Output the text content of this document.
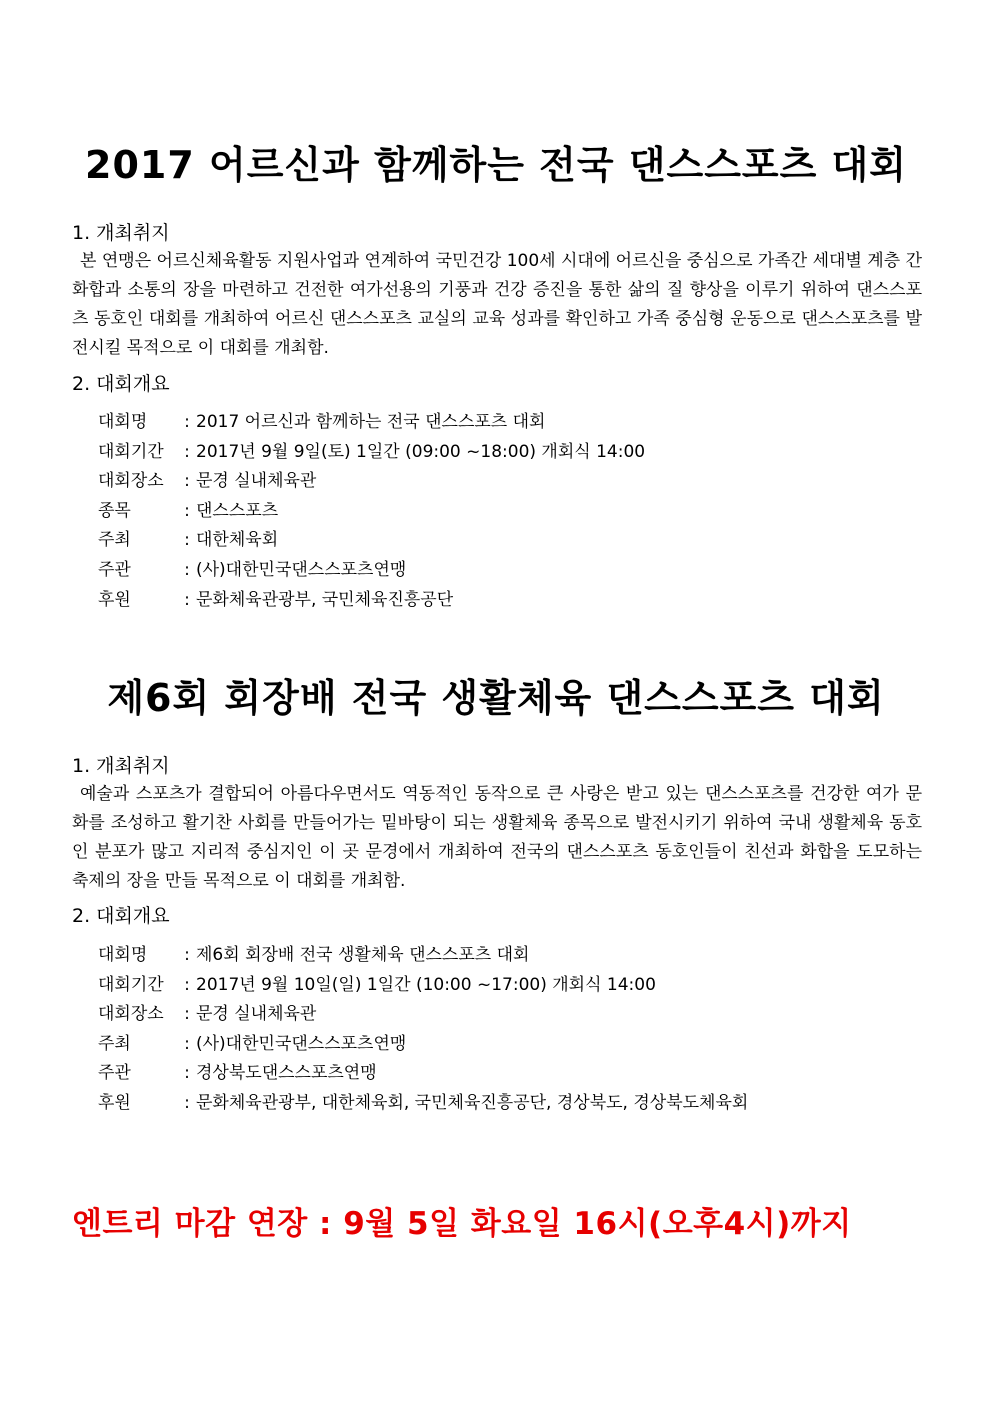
2017 어르신과 함께하는 전국 댄스스포츠 대회
1. 개최취지

본 연맹은 어르신체육활동 지원사업과 연계하여 국민건강 100세 시대에 어르신을 중심으로 가족간 세대별 계층 간 화합과 소통의 장을 마련하고 건전한 여가선용의 기풍과 건강 증진을 통한 삶의 질 향상을 이루기 위하여 댄스스포츠 동호인 대회를 개최하여 어르신 댄스스포츠 교실의 교육 성과를 확인하고 가족 중심형 운동으로 댄스스포츠를 발전시킬 목적으로 이 대회를 개최함.

2. 대회개요
대회명 : 2017 어르신과 함께하는 전국 댄스스포츠 대회
대회기간 : 2017년 9월 9일(토) 1일간 (09:00 ~18:00) 개회식 14:00
대회장소 : 문경 실내체육관
종목	: 댄스스포츠
주최	: 대한체육회
주관	: (사)대한민국댄스스포츠연맹
후원	: 문화체육관광부, 국민체육진흥공단
제6회 회장배 전국 생활체육 댄스스포츠 대회
1. 개최취지

예술과 스포츠가 결합되어 아름다우면서도 역동적인 동작으로 큰 사랑은 받고 있는 댄스스포츠를 건강한 여가 문화를 조성하고 활기찬 사회를 만들어가는 밑바탕이 되는 생활체육 종목으로 발전시키기 위하여 국내 생활체육 동호인 분포가 많고 지리적 중심지인 이 곳 문경에서 개최하여 전국의 댄스스포츠 동호인들이 친선과 화합을 도모하는 축제의 장을 만들 목적으로 이 대회를 개최함.

2. 대회개요
대회명 : 제6회 회장배 전국 생활체육 댄스스포츠 대회
대회기간 : 2017년 9월 10일(일) 1일간 (10:00 ~17:00) 개회식 14:00
대회장소 : 문경 실내체육관
주최	: (사)대한민국댄스스포츠연맹
주관	: 경상북도댄스스포츠연맹
후원	: 문화체육관광부, 대한체육회, 국민체육진흥공단, 경상북도, 경상북도체육회
엔트리 마감 연장 : 9월 5일 화요일 16시(오후4시)까지
